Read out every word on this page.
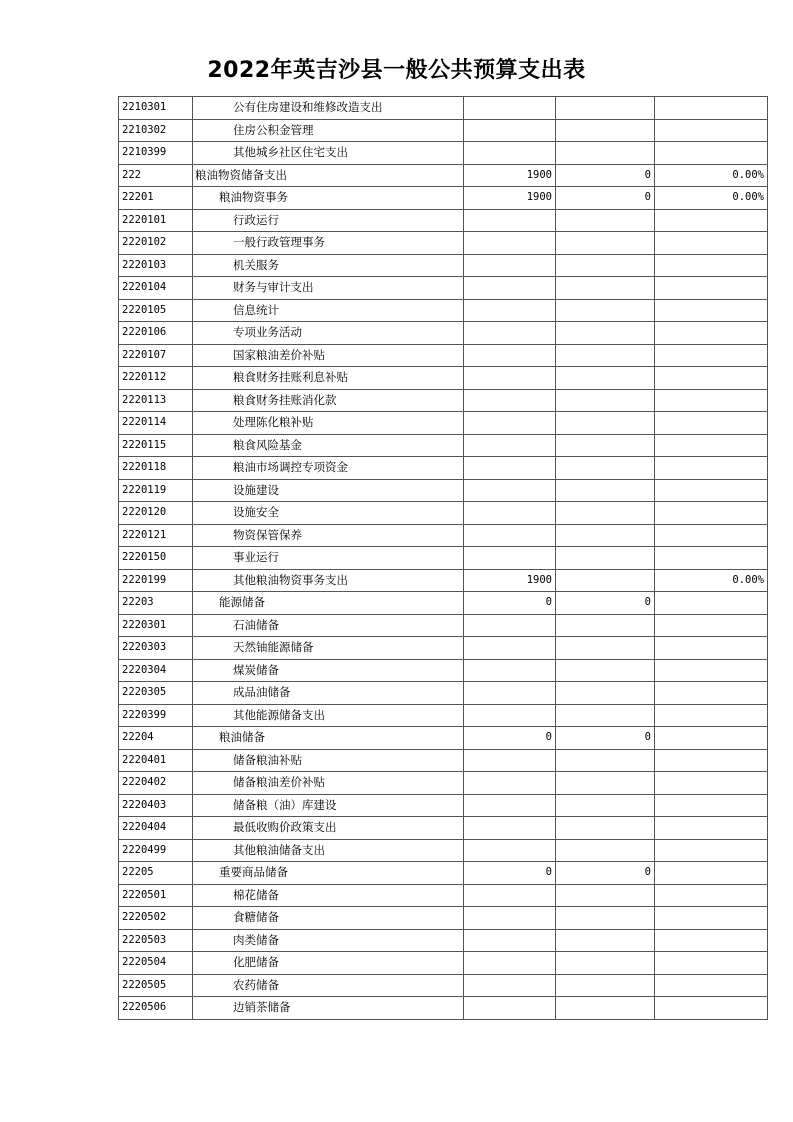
2022年英吉沙县一般公共预算支出表
2210301	公有住房建设和维修改造支出			
2210302	住房公积金管理			
2210399	其他城乡社区住宅支出			
222	粮油物资储备支出	1900	0	0.00%
22201	粮油物资事务	1900	0	0.00%
2220101	行政运行			
2220102	一般行政管理事务			
2220103	机关服务			
2220104	财务与审计支出			
2220105	信息统计			
2220106	专项业务活动			
2220107	国家粮油差价补贴			
2220112	粮食财务挂账利息补贴			
2220113	粮食财务挂账消化款			
2220114	处理陈化粮补贴			
2220115	粮食风险基金			
2220118	粮油市场调控专项资金			
2220119	设施建设			
2220120	设施安全			
2220121	物资保管保养			
2220150	事业运行			
2220199	其他粮油物资事务支出	1900		0.00%
22203	能源储备	0	0	
2220301	石油储备			
2220303	天然铀能源储备			
2220304	煤炭储备			
2220305	成品油储备			
2220399	其他能源储备支出			
22204	粮油储备	0	0	
2220401	储备粮油补贴			
2220402	储备粮油差价补贴			
2220403	储备粮（油）库建设			
2220404	最低收购价政策支出			
2220499	其他粮油储备支出			
22205	重要商品储备	0	0	
2220501	棉花储备			
2220502	食糖储备			
2220503	肉类储备			
2220504	化肥储备			
2220505	农药储备			
2220506	边销茶储备			
